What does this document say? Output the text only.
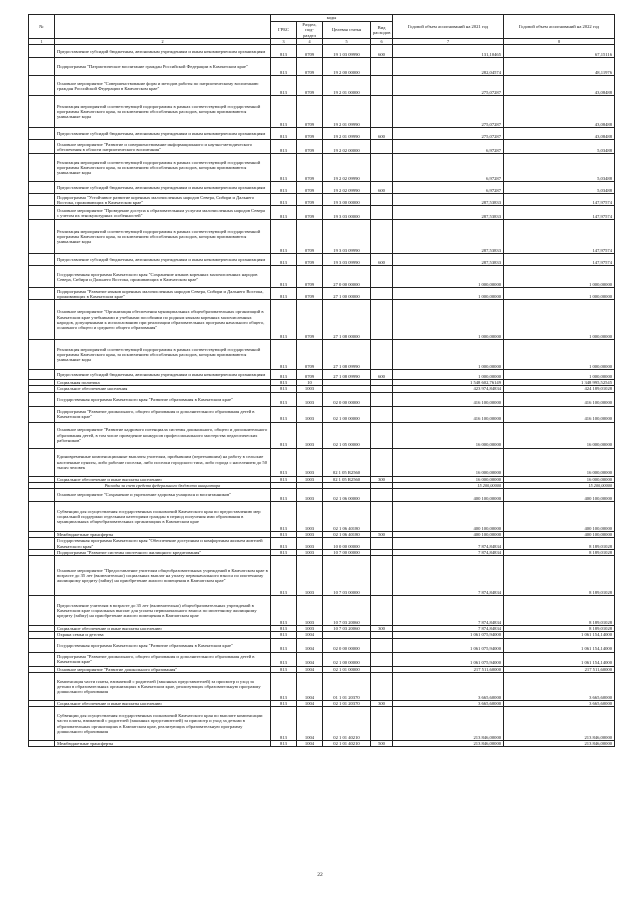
№		коды				Годовой объем ассигнований на 2021 год	Годовой объем ассигнований на 2022 год
		ГРБС	Раздел, под-раздел	Целевая статья	Вид расходов		
1	2	3	4	5	6	7	8
	Предоставление субсидий бюджетным, автономным учреждениям и иным некоммерческим организациям	813	0709	19 1 03 09990	600	131,10465	67,15116
	Подпрограмма "Патриотическое воспитание граждан Российской Федерации в Камчатском крае"	813	0709	19 2 00 00000		282,04574	48,11976
	Основное мероприятие "Совершенствование форм и методов работы по патриотическому воспитанию граждан Российской Федерации в Камчатском крае"	813	0709	19 2 01 00000		275,07287	43,08488
	Реализация мероприятий соответствующей подпрограммы в рамках соответствующей государственной программы Камчатского края, за исключением обособленных расходов, которым присваиваются уникальные коды	813	0709	19 2 01 09990		275,07287	43,08488
	Предоставление субсидий бюджетным, автономным учреждениям и иным некоммерческим организациям	813	0709	19 2 01 09990	600	275,07287	43,08488
	Основное мероприятие "Развитие и совершенствование информационного и научно-методического обеспечения в области патриотического воспитания"	813	0709	19 2 02 00000		6,97287	5,03488
	Реализация мероприятий соответствующей подпрограммы в рамках соответствующей государственной программы Камчатского края, за исключением обособленных расходов, которым присваиваются уникальные коды	813	0709	19 2 02 09990		6,97287	5,03488
	Предоставление субсидий бюджетным, автономным учреждениям и иным некоммерческим организациям	813	0709	19 2 02 09990	600	6,97287	5,03488
	Подпрограмма "Устойчивое развитие коренных малочисленных народов Севера, Сибири и Дальнего Востока, проживающих в Камчатском крае"	813	0709	19 3 00 00000		287,53833	147,97574
	Основное мероприятие "Проведение доступа к образовательным услугам малочисленных народов Севера с учетом их этнокультурных особенностей"	813	0709	19 3 03 00000		287,53833	147,97574
	Реализация мероприятий соответствующей подпрограммы в рамках соответствующей государственной программы Камчатского края, за исключением обособленных расходов, которым присваиваются уникальные коды	813	0709	19 3 03 09990		287,53833	147,97574
	Предоставление субсидий бюджетным, автономным учреждениям и иным некоммерческим организациям	813	0709	19 3 03 09990	600	287,53833	147,97574
	Государственная программа Камчатского края "Сохранение языков коренных малочисленных народов Севера, Сибири и Дальнего Востока, проживающих в Камчатском крае"	813	0709	27 0 00 00000		1 000,00000	1 000,00000
	Подпрограмма "Развитие языков коренных малочисленных народов Севера, Сибири и Дальнего Востока, проживающих в Камчатском крае"	813	0709	27 1 00 00000		1 000,00000	1 000,00000
	Основное мероприятие "Организация обеспечения муниципальных общеобразовательных организаций в Камчатском крае учебниками и учебными пособиями по родным языкам коренных малочисленных народов, допущенными к использованию при реализации образовательных программ начального общего, основного общего и среднего общего образования"	813	0709	27 1 08 00000		1 000,00000	1 000,00000
	Реализация мероприятий соответствующей подпрограммы в рамках соответствующей государственной программы Камчатского края, за исключением обособленных расходов, которым присваиваются уникальные коды	813	0709	27 1 08 09990		1 000,00000	1 000,00000
	Предоставление субсидий бюджетным, автономным учреждениям и иным некоммерческим организациям	813	0709	27 1 08 09990	600	1 000,00000	1 000,00000
	Социальная политика	813	10			1 548 602,76149	1 348 995,52545
	Социальное обеспечение населения	813	1003			423 974,84834	424 189,01028
	Государственная программа Камчатского края "Развитие образования в Камчатском крае"	813	1003	02 0 00 00000		416 100,00000	416 100,00000
	Подпрограмма "Развитие дошкольного, общего образования и дополнительного образования детей в Камчатском крае"	813	1003	02 1 00 00000		416 100,00000	416 100,00000
	Основное мероприятие "Развитие кадрового потенциала системы дошкольного, общего и дополнительного образования детей, в том числе проведение конкурсов профессионального мастерства педагогических работников"	813	1003	02 1 05 00000		16 000,00000	16 000,00000
	Единовременные компенсационные выплаты учителям, прибывшим (переехавшим) на работу в сельские населенные пункты, либо рабочие поселки, либо поселки городского типа, либо города с населением до 50 тысяч человек	813	1003	02 1 05 R2560		16 000,00000	16 000,00000
	Социальное обеспечение и иные выплаты населению	813	1003	02 1 05 R2560	300	16 000,00000	16 000,00000
	Расходы за счет средств федерального бюджета инициатора					15 200,00000	15 200,00000
	Основное мероприятие "Сохранение и укрепление здоровья учащихся и воспитанников"	813	1003	02 1 06 00000		400 100,00000	400 100,00000
	Субвенции для осуществления государственных полномочий Камчатского края по предоставлению мер социальной поддержки отдельным категориям граждан в период получения ими образования в муниципальных общеобразовательных организациях в Камчатском крае	813	1003	02 1 06 40180		400 100,00000	400 100,00000
	Межбюджетные трансферты	813	1003	02 1 06 40180	500	400 100,00000	400 100,00000
	Государственная программа Камчатского края "Обеспечение доступным и комфортным жильем жителей Камчатского края"	813	1003	10 0 00 00000		7 874,84834	8 189,01028
	Подпрограмма "Развитие системы ипотечного жилищного кредитования"	813	1003	10 7 00 00000		7 874,84834	8 189,01028
	Основное мероприятие "Предоставление учителям общеобразовательных учреждений в Камчатском крае в возрасте до 35 лет (включительно) социальных выплат на уплату первоначального взноса по ипотечному жилищному кредиту (займу) на приобретение жилого помещения в Камчатском крае"	813	1003	10 7 03 00000		7 874,84834	8 189,01028
	Предоставление учителям в возрасте до 35 лет (включительно) общеобразовательных учреждений в Камчатском крае социальных выплат для уплаты первоначального взноса по ипотечному жилищному кредиту (займу) на приобретение жилого помещения в Камчатском крае	813	1003	10 7 03 20060		7 874,84834	8 189,01028
	Социальное обеспечение и иные выплаты населению	813	1003	10 7 03 20060	300	7 874,84834	8 189,01028
	Охрана семьи и детства	813	1004			1 061 075,94000	1 061 154,14000
	Государственная программа Камчатского края "Развитие образования в Камчатском крае"	813	1004	02 0 00 00000		1 061 075,94000	1 061 154,14000
	Подпрограмма "Развитие дошкольного, общего образования и дополнительного образования детей в Камчатском крае"	813	1004	02 1 00 00000		1 061 075,94000	1 061 154,14000
	Основное мероприятие "Развитие дошкольного образования"	813	1004	02 1 01 00000		217 511,60000	217 511,60000
	Компенсация части платы, взимаемой с родителей (законных представителей) за присмотр и уход за детьми в образовательных организациях в Камчатском крае, реализующих образовательную программу дошкольного образования	813	1004	01 1 01 20370		3 665,60000	3 665,60000
	Социальное обеспечение и иные выплаты населению	813	1004	02 1 01 20370	300	3 665,60000	3 665,60000
	Субвенции для осуществления государственных полномочий Камчатского края по выплате компенсации части платы, взимаемой с родителей (законных представителей) за присмотр и уход за детьми в образовательных организациях в Камчатском крае, реализующих образовательную программу дошкольного образования	813	1004	02 1 01 40210		213 846,00000	213 846,00000
	Межбюджетные трансферты	813	1004	02 1 01 40210	500	213 846,00000	213 846,00000
22
